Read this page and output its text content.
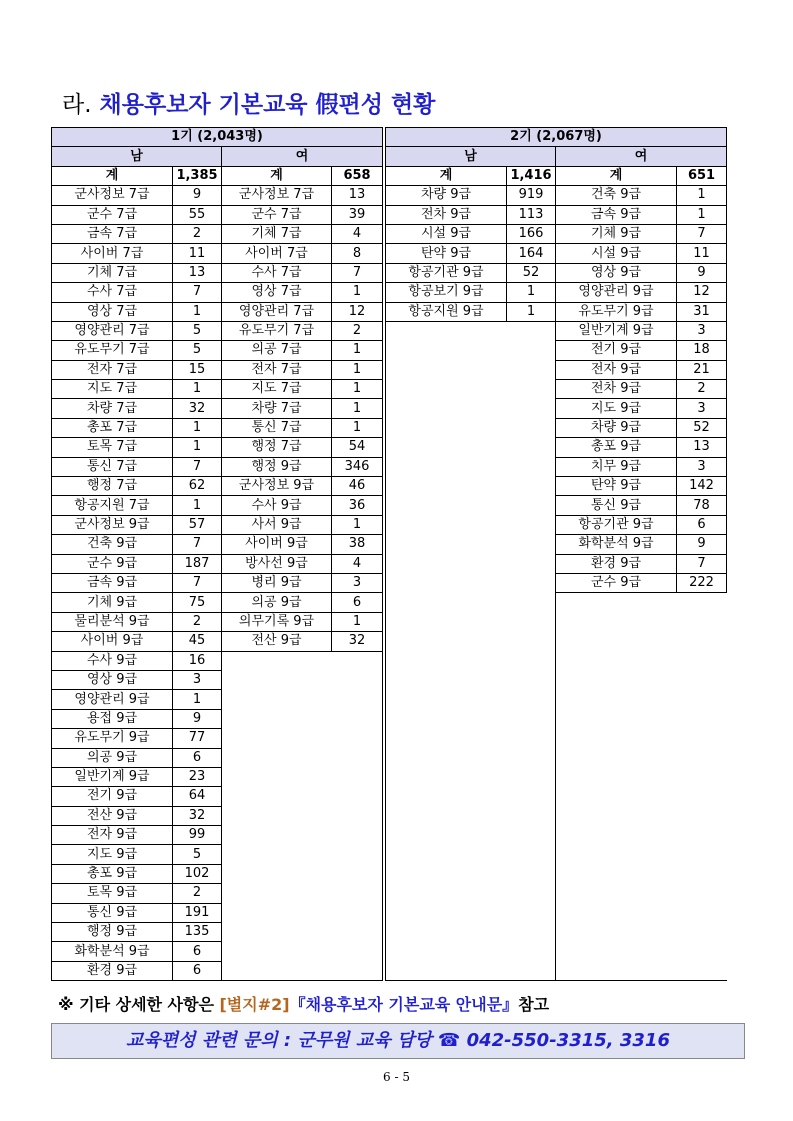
라. 채용후보자 기본교육 假편성 현황
1기 (2,043명)					2기 (2,067명)			
남		여			남		여	
계	1,385	계	658		계	1,416	계	651
군사정보 7급	9	군사정보 7급	13		차량 9급	919	건축 9급	1
군수 7급	55	군수 7급	39		전차 9급	113	금속 9급	1
금속 7급	2	기체 7급	4		시설 9급	166	기체 9급	7
사이버 7급	11	사이버 7급	8		탄약 9급	164	시설 9급	11
기체 7급	13	수사 7급	7		항공기관 9급	52	영상 9급	9
수사 7급	7	영상 7급	1		항공보기 9급	1	영양관리 9급	12
영상 7급	1	영양관리 7급	12		항공지원 9급	1	유도무기 9급	31
영양관리 7급	5	유도무기 7급	2				일반기계 9급	3
유도무기 7급	5	의공 7급	1				전기 9급	18
전자 7급	15	전자 7급	1				전자 9급	21
지도 7급	1	지도 7급	1				전차 9급	2
차량 7급	32	차량 7급	1				지도 9급	3
총포 7급	1	통신 7급	1				차량 9급	52
토목 7급	1	행정 7급	54				총포 9급	13
통신 7급	7	행정 9급	346				치무 9급	3
행정 7급	62	군사정보 9급	46				탄약 9급	142
항공지원 7급	1	수사 9급	36				통신 9급	78
군사정보 9급	57	사서 9급	1				항공기관 9급	6
건축 9급	7	사이버 9급	38				화학분석 9급	9
군수 9급	187	방사선 9급	4				환경 9급	7
금속 9급	7	병리 9급	3				군수 9급	222
기체 9급	75	의공 9급	6					
물리분석 9급	2	의무기록 9급	1					
사이버 9급	45	전산 9급	32					
수사 9급	16							
영상 9급	3							
영양관리 9급	1							
용접 9급	9							
유도무기 9급	77							
의공 9급	6							
일반기계 9급	23							
전기 9급	64							
전산 9급	32							
전자 9급	99							
지도 9급	5							
총포 9급	102							
토목 9급	2							
통신 9급	191							
행정 9급	135							
화학분석 9급	6							
환경 9급	6							
※ 기타 상세한 사항은 [별지#2]『채용후보자 기본교육 안내문』참고
교육편성 관련 문의 : 군무원 교육 담당 ☎ 042-550-3315, 3316
6 - 5
